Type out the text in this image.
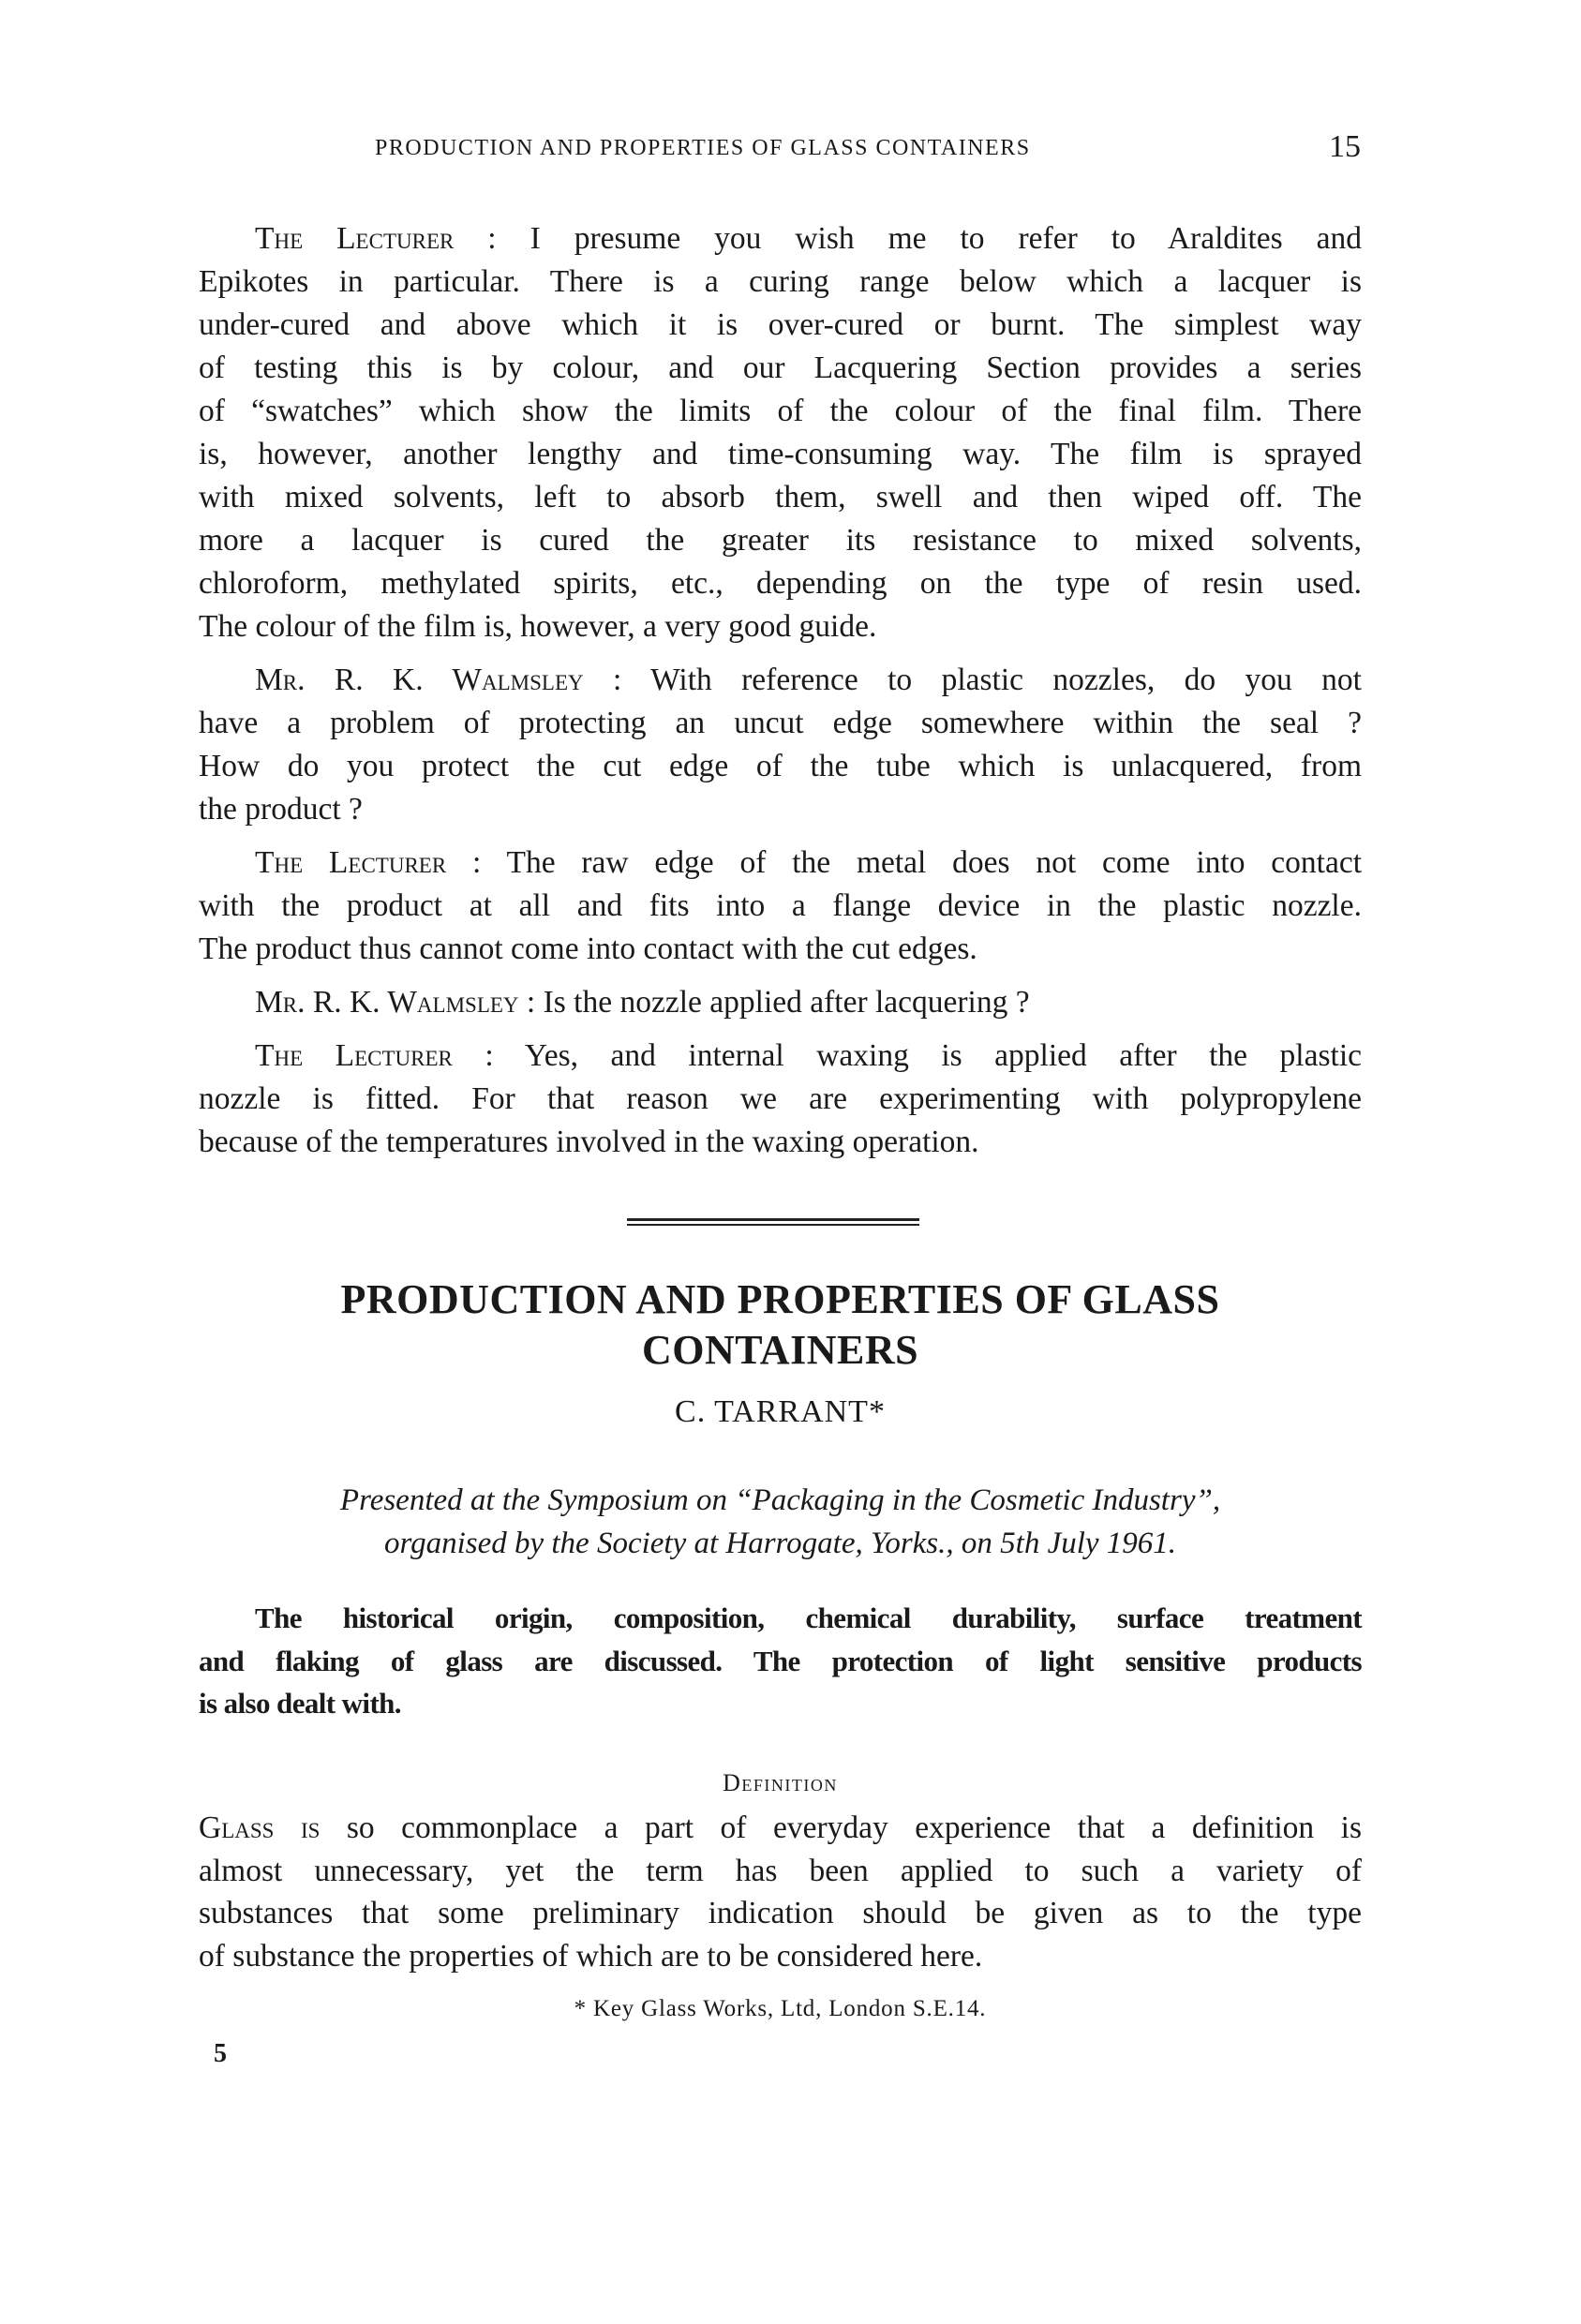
PRODUCTION AND PROPERTIES OF GLASS CONTAINERS	15
The Lecturer : I presume you wish me to refer to Araldites and
Epikotes in particular. There is a curing range below which a lacquer is
under-cured and above which it is over-cured or burnt. The simplest way
of testing this is by colour, and our Lacquering Section provides a series
of “swatches” which show the limits of the colour of the final film. There
is, however, another lengthy and time-consuming way. The film is sprayed
with mixed solvents, left to absorb them, swell and then wiped off. The
more a lacquer is cured the greater its resistance to mixed solvents,
chloroform, methylated spirits, etc., depending on the type of resin used.
The colour of the film is, however, a very good guide.
Mr. R. K. Walmsley : With reference to plastic nozzles, do you not
have a problem of protecting an uncut edge somewhere within the seal ?
How do you protect the cut edge of the tube which is unlacquered, from
the product ?
The Lecturer : The raw edge of the metal does not come into contact
with the product at all and fits into a flange device in the plastic nozzle.
The product thus cannot come into contact with the cut edges.
Mr. R. K. Walmsley : Is the nozzle applied after lacquering ?
The Lecturer : Yes, and internal waxing is applied after the plastic
nozzle is fitted. For that reason we are experimenting with polypropylene
because of the temperatures involved in the waxing operation.
PRODUCTION AND PROPERTIES OF GLASS
CONTAINERS
C. TARRANT*
Presented at the Symposium on “Packaging in the Cosmetic Industry”,
organised by the Society at Harrogate, Yorks., on 5th July 1961.
The historical origin, composition, chemical durability, surface treatment
and flaking of glass are discussed. The protection of light sensitive products
is also dealt with.
Definition
Glass is so commonplace a part of everyday experience that a definition is
almost unnecessary, yet the term has been applied to such a variety of
substances that some preliminary indication should be given as to the type
of substance the properties of which are to be considered here.
* Key Glass Works, Ltd, London S.E.14.
5
